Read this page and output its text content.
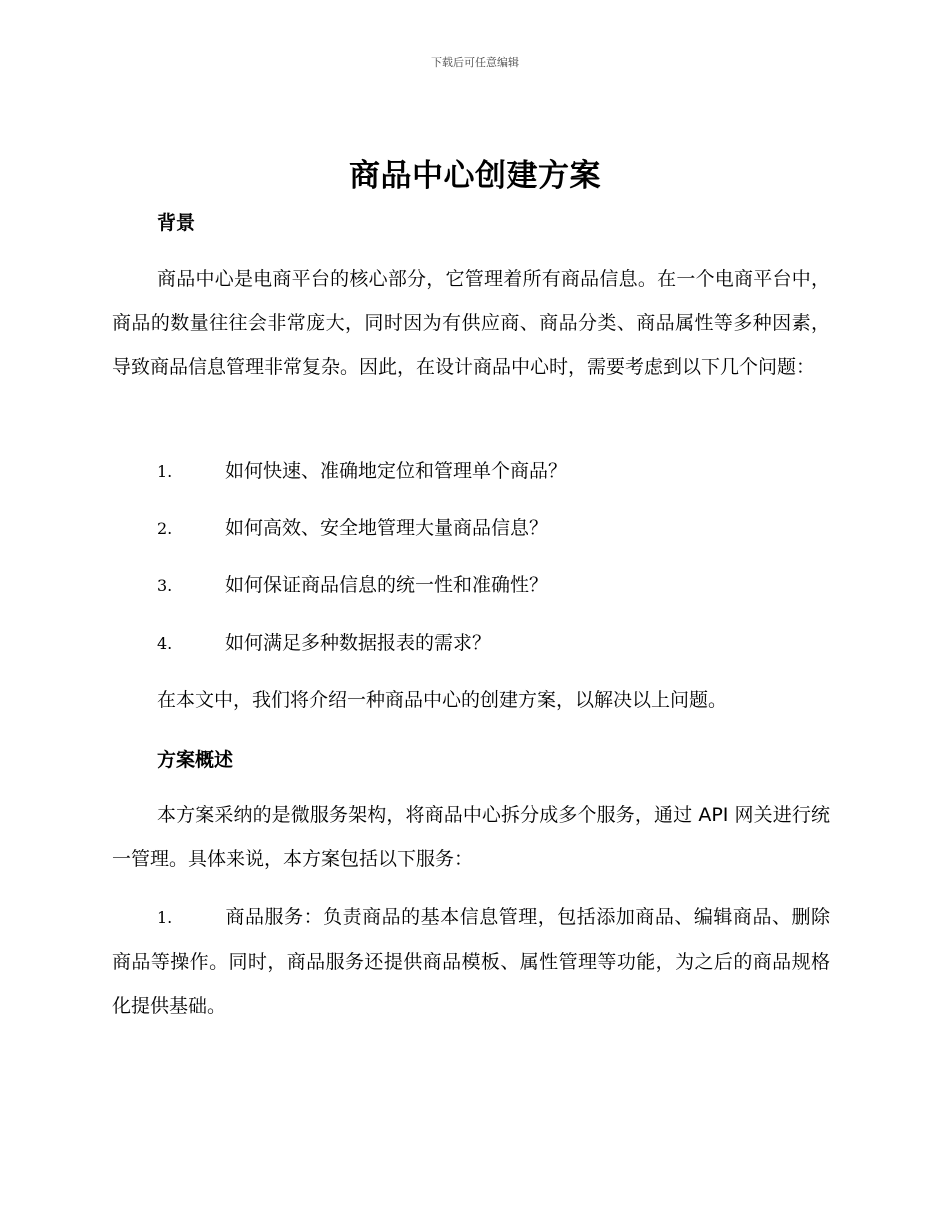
下载后可任意编辑
商品中心创建方案
背景

商品中心是电商平台的核心部分，它管理着所有商品信息。在一个电商平台中，商品的数量往往会非常庞大，同时因为有供应商、商品分类、商品属性等多种因素，导致商品信息管理非常复杂。因此，在设计商品中心时，需要考虑到以下几个问题：

1.	如何快速、准确地定位和管理单个商品？
2.	如何高效、安全地管理大量商品信息？
3.	如何保证商品信息的统一性和准确性？
4.	如何满足多种数据报表的需求？
在本文中，我们将介绍一种商品中心的创建方案，以解决以上问题。
方案概述

本方案采纳的是微服务架构，将商品中心拆分成多个服务，通过 API 网关进行统一管理。具体来说，本方案包括以下服务：

1.	商品服务：负责商品的基本信息管理，包括添加商品、编辑商品、删除商品等操作。同时，商品服务还提供商品模板、属性管理等功能，为之后的商品规格化提供基础。
